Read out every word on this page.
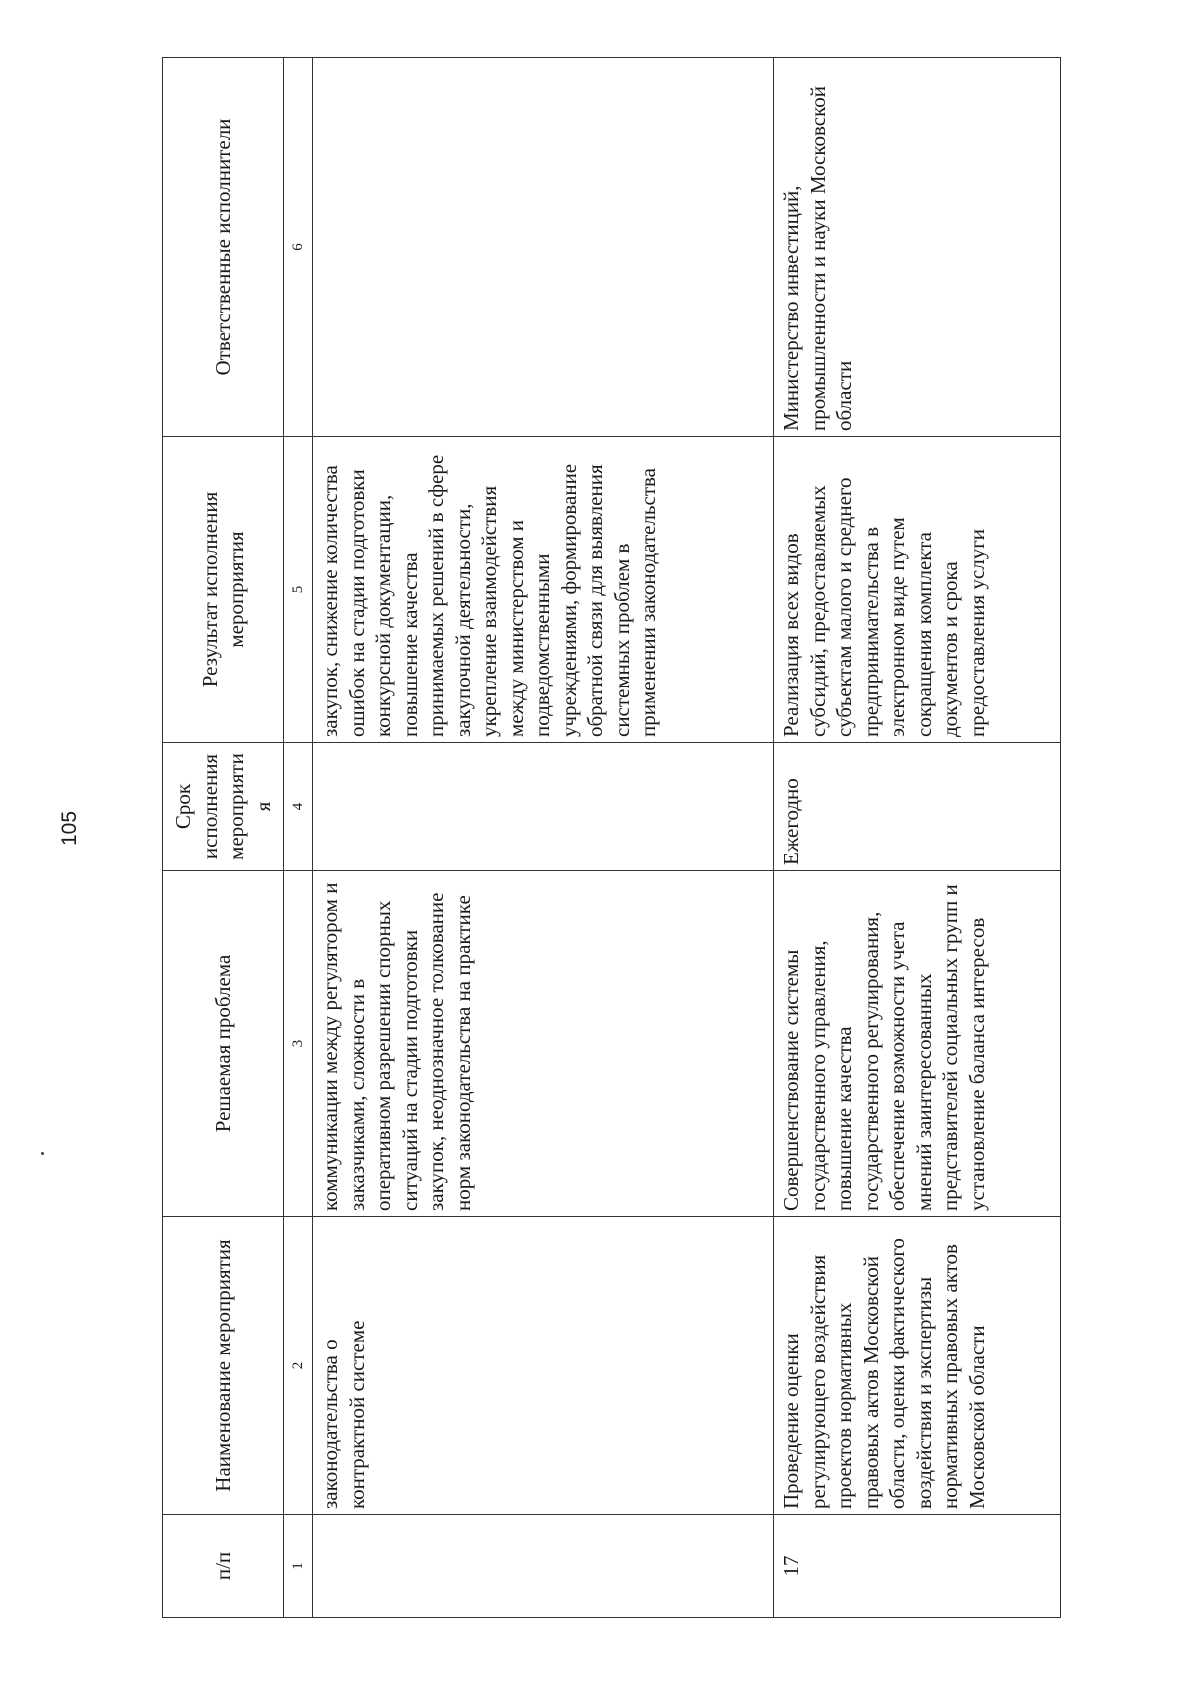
105
п/п	Наименование мероприятия	Решаемая проблема	Срок исполнения мероприятия	Результат исполнения мероприятия	Ответственные исполнители
1	2	3	4	5	6
	законодательства о контрактной системе	коммуникации между регулятором и заказчиками, сложности в оперативном разрешении спорных ситуаций на стадии подготовки закупок, неоднозначное толкование норм законодательства на практике		закупок, снижение количества ошибок на стадии подготовки конкурсной документации, повышение качества принимаемых решений в сфере закупочной деятельности, укрепление взаимодействия между министерством и подведомственными учреждениями, формирование обратной связи для выявления системных проблем в применении законодательства	
17	Проведение оценки регулирующего воздействия проектов нормативных правовых актов Московской области, оценки фактического воздействия и экспертизы нормативных правовых актов Московской области	Совершенствование системы государственного управления, повышение качества государственного регулирования, обеспечение возможности учета мнений заинтересованных представителей социальных групп и установление баланса интересов	Ежегодно	Реализация всех видов субсидий, предоставляемых субъектам малого и среднего предпринимательства в электронном виде путем сокращения комплекта документов и срока предоставления услуги	Министерство инвестиций, промышленности и науки Московской области
